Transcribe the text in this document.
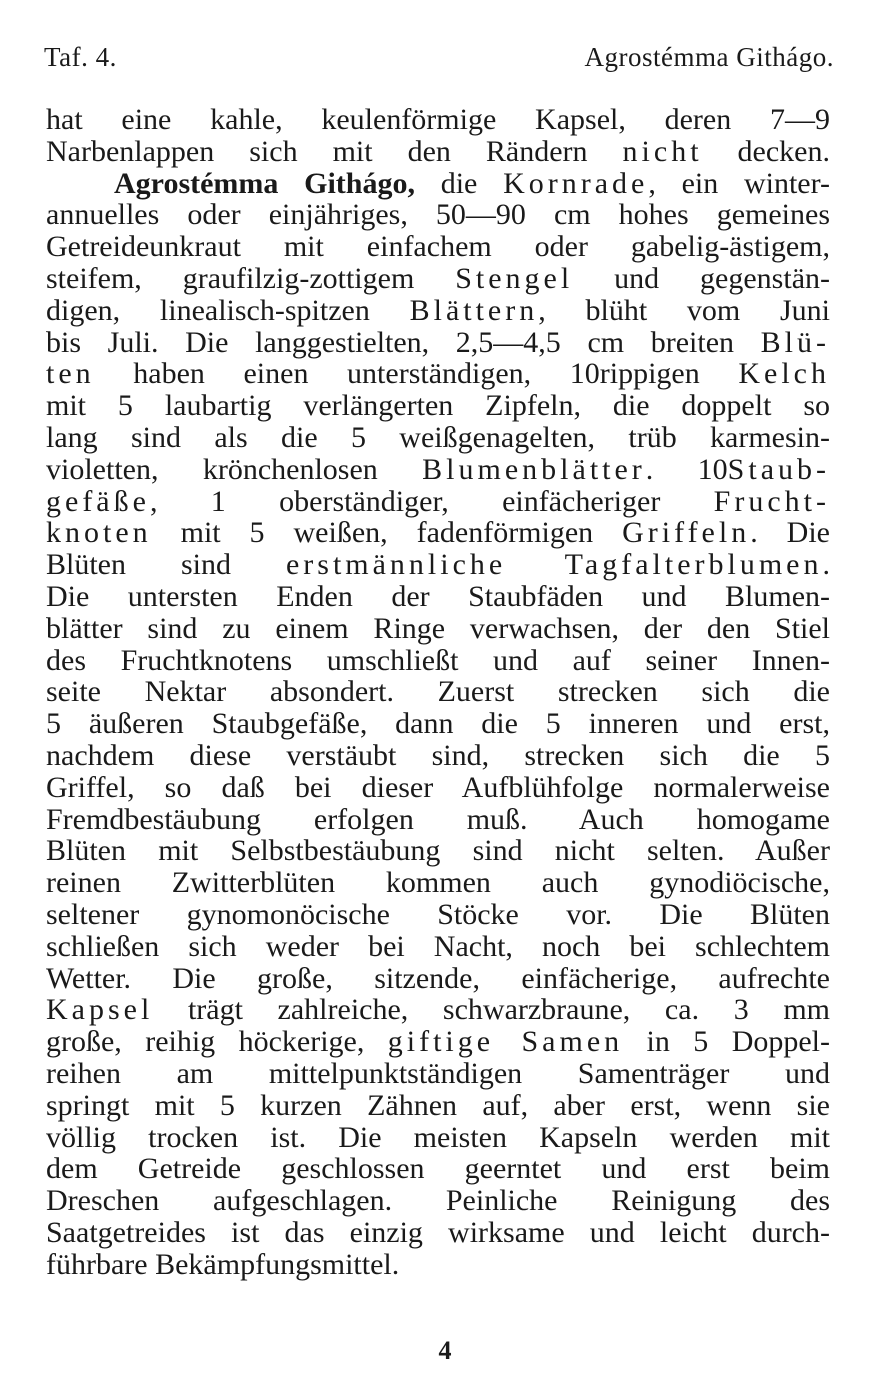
Taf. 4.	Agrostémma Githágo.
hat eine kahle, keulenförmige Kapsel, deren 7—9
Narbenlappen sich mit den Rändern nicht decken.
Agrostémma Githágo, die Kornrade, ein winter-
annuelles oder einjähriges, 50—90 cm hohes gemeines
Getreideunkraut mit einfachem oder gabelig-ästigem,
steifem, graufilzig-zottigem Stengel und gegenstän-
digen, linealisch-spitzen Blättern, blüht vom Juni
bis Juli. Die langgestielten, 2,5—4,5 cm breiten Blü-
ten haben einen unterständigen, 10rippigen Kelch
mit 5 laubartig verlängerten Zipfeln, die doppelt so
lang sind als die 5 weißgenagelten, trüb karmesin-
violetten, krönchenlosen Blumenblätter. 10Staub-
gefäße, 1 oberständiger, einfächeriger Frucht-
knoten mit 5 weißen, fadenförmigen Griffeln. Die
Blüten sind erstmännliche Tagfalterblumen.
Die untersten Enden der Staubfäden und Blumen-
blätter sind zu einem Ringe verwachsen, der den Stiel
des Fruchtknotens umschließt und auf seiner Innen-
seite Nektar absondert. Zuerst strecken sich die
5 äußeren Staubgefäße, dann die 5 inneren und erst,
nachdem diese verstäubt sind, strecken sich die 5
Griffel, so daß bei dieser Aufblühfolge normalerweise
Fremdbestäubung erfolgen muß. Auch homogame
Blüten mit Selbstbestäubung sind nicht selten. Außer
reinen Zwitterblüten kommen auch gynodiöcische,
seltener gynomonöcische Stöcke vor. Die Blüten
schließen sich weder bei Nacht, noch bei schlechtem
Wetter. Die große, sitzende, einfächerige, aufrechte
Kapsel trägt zahlreiche, schwarzbraune, ca. 3 mm
große, reihig höckerige, giftige Samen in 5 Doppel-
reihen am mittelpunktständigen Samenträger und
springt mit 5 kurzen Zähnen auf, aber erst, wenn sie
völlig trocken ist. Die meisten Kapseln werden mit
dem Getreide geschlossen geerntet und erst beim
Dreschen aufgeschlagen. Peinliche Reinigung des
Saatgetreides ist das einzig wirksame und leicht durch-
führbare Bekämpfungsmittel.
4
